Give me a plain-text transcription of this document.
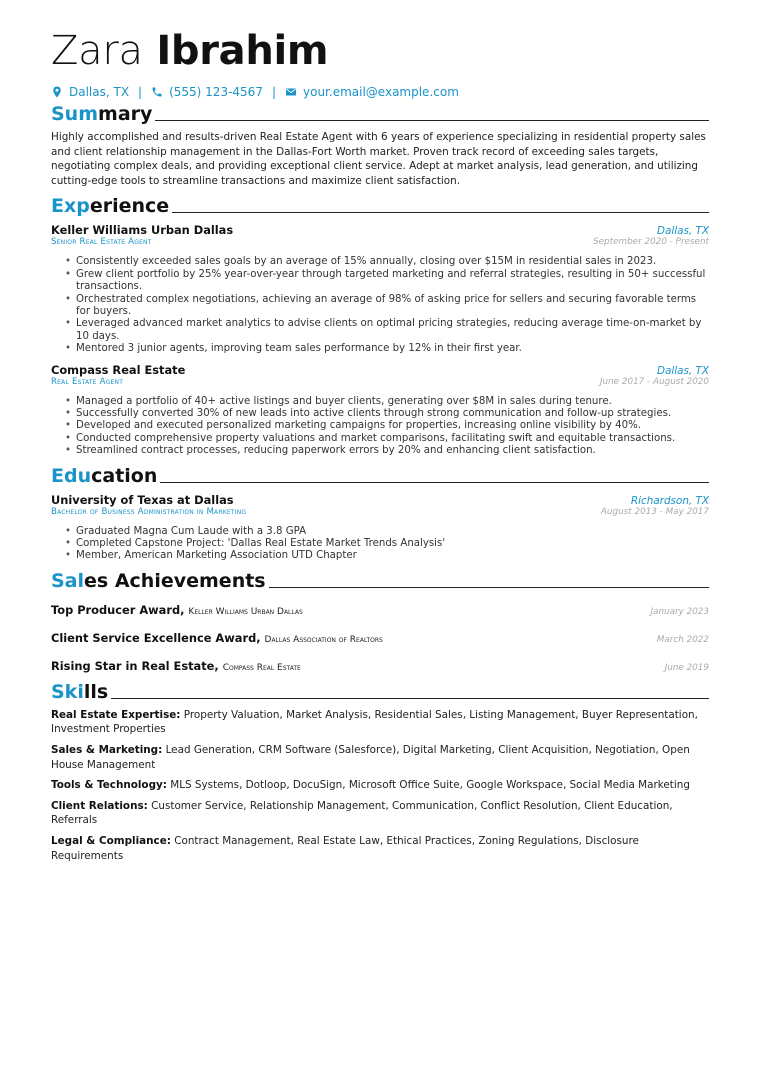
Zara Ibrahim
Dallas, TX | (555) 123-4567 | your.email@example.com
Summary

Highly accomplished and results-driven Real Estate Agent with 6 years of experience specializing in residential property sales and client relationship management in the Dallas-Fort Worth market. Proven track record of exceeding sales targets, negotiating complex deals, and providing exceptional client service. Adept at market analysis, lead generation, and utilizing cutting-edge tools to streamline transactions and maximize client satisfaction.

Experience
Keller Williams Urban Dallas	Dallas, TX
Senior Real Estate Agent	September 2020 - Present
• Consistently exceeded sales goals by an average of 15% annually, closing over $15M in residential sales in 2023.
• Grew client portfolio by 25% year-over-year through targeted marketing and referral strategies, resulting in 50+ successful transactions.
• Orchestrated complex negotiations, achieving an average of 98% of asking price for sellers and securing favorable terms for buyers.
• Leveraged advanced market analytics to advise clients on optimal pricing strategies, reducing average time-on-market by 10 days.
• Mentored 3 junior agents, improving team sales performance by 12% in their first year.
Compass Real Estate	Dallas, TX
Real Estate Agent	June 2017 - August 2020
• Managed a portfolio of 40+ active listings and buyer clients, generating over $8M in sales during tenure.
• Successfully converted 30% of new leads into active clients through strong communication and follow-up strategies.
• Developed and executed personalized marketing campaigns for properties, increasing online visibility by 40%.
• Conducted comprehensive property valuations and market comparisons, facilitating swift and equitable transactions.
• Streamlined contract processes, reducing paperwork errors by 20% and enhancing client satisfaction.
Education
University of Texas at Dallas	Richardson, TX
Bachelor of Business Administration in Marketing	August 2013 - May 2017
• Graduated Magna Cum Laude with a 3.8 GPA
• Completed Capstone Project: 'Dallas Real Estate Market Trends Analysis'
• Member, American Marketing Association UTD Chapter
Sales Achievements
Top Producer Award, Keller Williams Urban Dallas	January 2023
Client Service Excellence Award, Dallas Association of Realtors	March 2022
Rising Star in Real Estate, Compass Real Estate	June 2019
Skills
Real Estate Expertise: Property Valuation, Market Analysis, Residential Sales, Listing Management, Buyer Representation, Investment Properties
Sales & Marketing: Lead Generation, CRM Software (Salesforce), Digital Marketing, Client Acquisition, Negotiation, Open House Management
Tools & Technology: MLS Systems, Dotloop, DocuSign, Microsoft Office Suite, Google Workspace, Social Media Marketing
Client Relations: Customer Service, Relationship Management, Communication, Conflict Resolution, Client Education, Referrals
Legal & Compliance: Contract Management, Real Estate Law, Ethical Practices, Zoning Regulations, Disclosure Requirements
